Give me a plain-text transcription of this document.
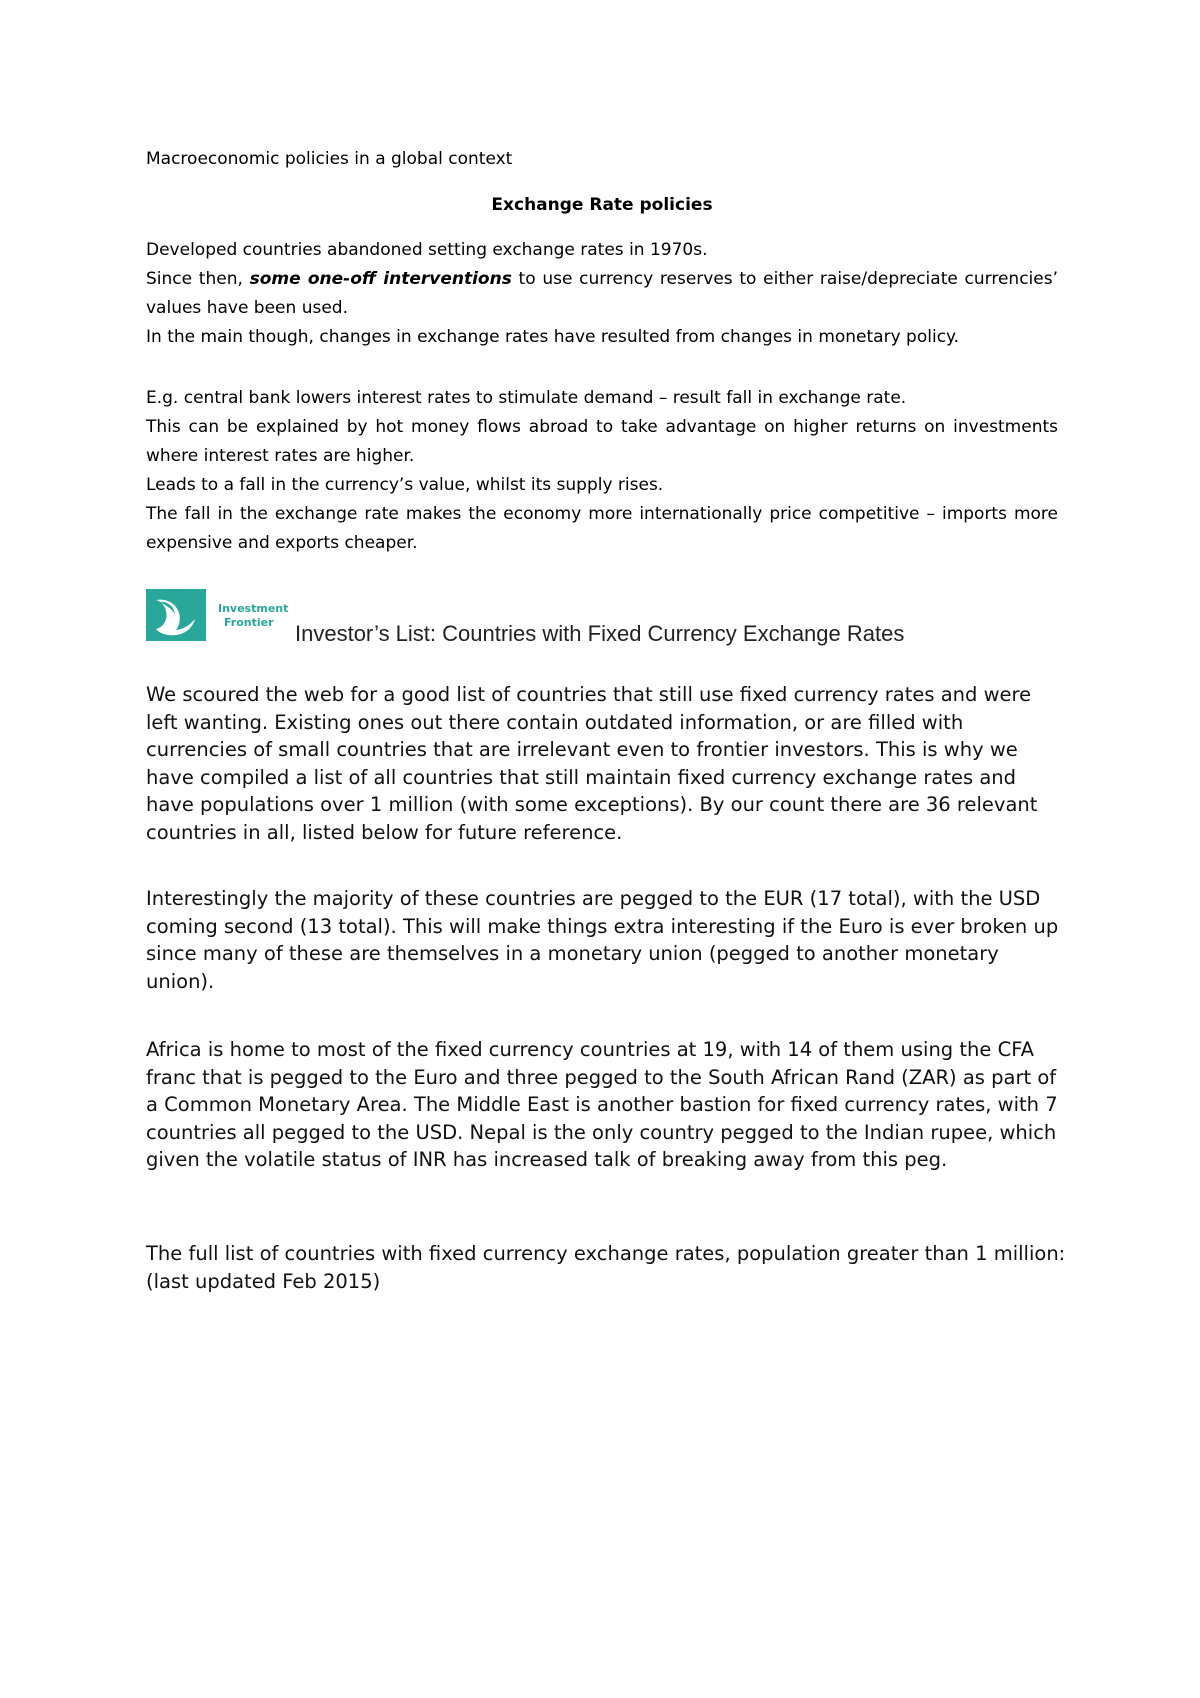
Macroeconomic policies in a global context
Exchange Rate policies

Developed countries abandoned setting exchange rates in 1970s.

Since then, some one-off interventions to use currency reserves to either raise/depreciate currencies’ values have been used.

In the main though, changes in exchange rates have resulted from changes in monetary policy.

E.g. central bank lowers interest rates to stimulate demand – result fall in exchange rate.

This can be explained by hot money flows abroad to take advantage on higher returns on investments where interest rates are higher.

Leads to a fall in the currency’s value, whilst its supply rises.

The fall in the exchange rate makes the economy more internationally price competitive – imports more expensive and exports cheaper.

Investment
Frontier Investor’s List: Countries with Fixed Currency Exchange Rates

We scoured the web for a good list of countries that still use fixed currency rates and were left wanting. Existing ones out there contain outdated information, or are filled with currencies of small countries that are irrelevant even to frontier investors. This is why we have compiled a list of all countries that still maintain fixed currency exchange rates and have populations over 1 million (with some exceptions). By our count there are 36 relevant countries in all, listed below for future reference.

Interestingly the majority of these countries are pegged to the EUR (17 total), with the USD coming second (13 total). This will make things extra interesting if the Euro is ever broken up since many of these are themselves in a monetary union (pegged to another monetary union).

Africa is home to most of the fixed currency countries at 19, with 14 of them using the CFA franc that is pegged to the Euro and three pegged to the South African Rand (ZAR) as part of a Common Monetary Area. The Middle East is another bastion for fixed currency rates, with 7 countries all pegged to the USD. Nepal is the only country pegged to the Indian rupee, which given the volatile status of INR has increased talk of breaking away from this peg.

The full list of countries with fixed currency exchange rates, population greater than 1 million: (last updated Feb 2015)
